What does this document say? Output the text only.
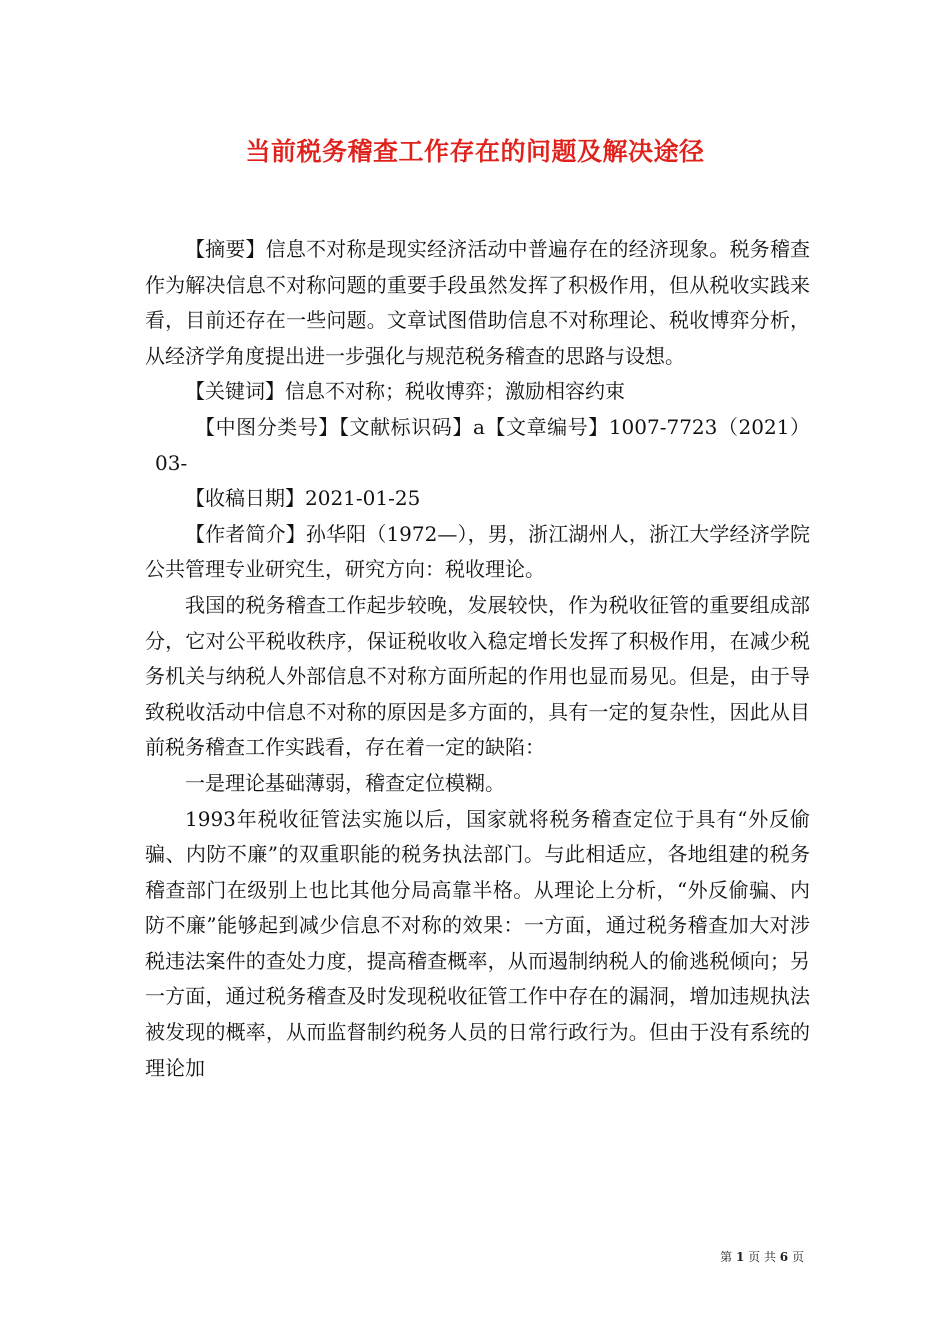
当前税务稽查工作存在的问题及解决途径

【摘要】信息不对称是现实经济活动中普遍存在的经济现象。税务稽查作为解决信息不对称问题的重要手段虽然发挥了积极作用，但从税收实践来看，目前还存在一些问题。文章试图借助信息不对称理论、税收博弈分析，从经济学角度提出进一步强化与规范税务稽查的思路与设想。

【关键词】信息不对称；税收博弈；激励相容约束

【中图分类号】【文献标识码】a【文章编号】1007-7723（2021）03-

【收稿日期】2021-01-25

【作者简介】孙华阳（1972—），男，浙江湖州人，浙江大学经济学院公共管理专业研究生，研究方向：税收理论。

我国的税务稽查工作起步较晚，发展较快，作为税收征管的重要组成部分，它对公平税收秩序，保证税收收入稳定增长发挥了积极作用，在减少税务机关与纳税人外部信息不对称方面所起的作用也显而易见。但是，由于导致税收活动中信息不对称的原因是多方面的，具有一定的复杂性，因此从目前税务稽查工作实践看，存在着一定的缺陷：

一是理论基础薄弱，稽查定位模糊。

1993年税收征管法实施以后，国家就将税务稽查定位于具有“外反偷骗、内防不廉”的双重职能的税务执法部门。与此相适应，各地组建的税务稽查部门在级别上也比其他分局高靠半格。从理论上分析，“外反偷骗、内防不廉”能够起到减少信息不对称的效果：一方面，通过税务稽查加大对涉税违法案件的查处力度，提高稽查概率，从而遏制纳税人的偷逃税倾向；另一方面，通过税务稽查及时发现税收征管工作中存在的漏洞，增加违规执法被发现的概率，从而监督制约税务人员的日常行政行为。但由于没有系统的理论加

第 1 页 共 6 页
